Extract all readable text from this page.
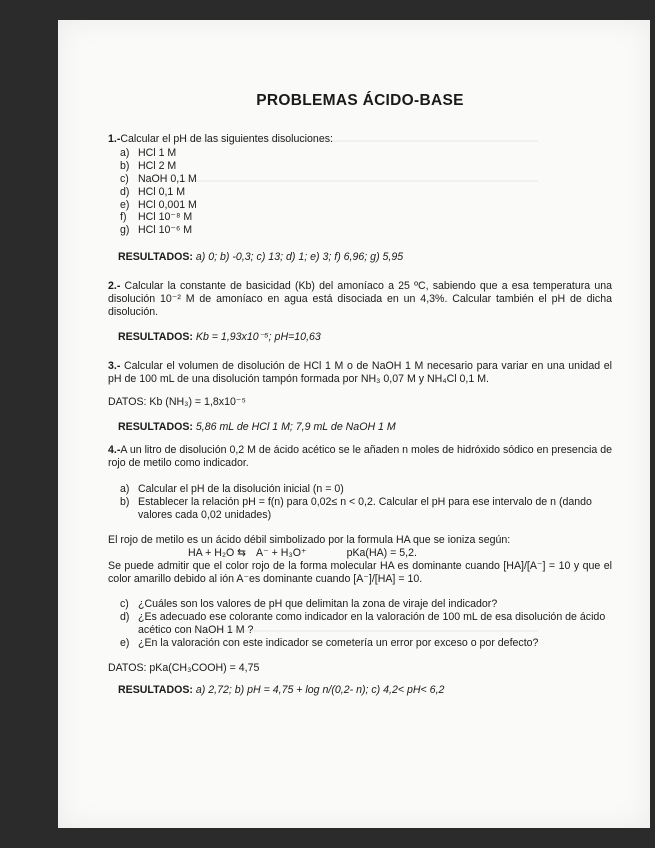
PROBLEMAS ÁCIDO-BASE

1.-Calcular el pH de las siguientes disoluciones:

a) HCl 1 M
b) HCl 2 M
c) NaOH 0,1 M
d) HCl 0,1 M
e) HCl 0,001 M
f)	HCl 10⁻⁸ M
g) HCl 10⁻⁶ M

RESULTADOS: a) 0; b) -0,3; c) 13; d) 1; e) 3; f) 6,96; g) 5,95

2.- Calcular la constante de basicidad (Kb) del amoníaco a 25 ºC, sabiendo que a esa temperatura una disolución 10⁻² M de amoníaco en agua está disociada en un 4,3%. Calcular también el pH de dicha disolución.

RESULTADOS: Kb = 1,93x10⁻⁵; pH=10,63

3.- Calcular el volumen de disolución de HCl 1 M o de NaOH 1 M necesario para variar en una unidad el pH de 100 mL de una disolución tampón formada por NH₃ 0,07 M y NH₄Cl 0,1 M.

DATOS: Kb (NH₃) = 1,8x10⁻⁵

RESULTADOS: 5,86 mL de HCl 1 M; 7,9 mL de NaOH 1 M

4.-A un litro de disolución 0,2 M de ácido acético se le añaden n moles de hidróxido sódico en presencia de rojo de metilo como indicador.

a) Calcular el pH de la disolución inicial (n = 0)
b) Establecer la relación pH = f(n) para 0,02≤ n < 0,2. Calcular el pH para ese intervalo de n (dando valores cada 0,02 unidades)

El rojo de metilo es un ácido débil simbolizado por la formula HA que se ioniza según:

HA + H₂O ⇆ A⁻ + H₃O⁺	pKa(HA) = 5,2.

Se puede admitir que el color rojo de la forma molecular HA es dominante cuando [HA]/[A⁻] = 10 y que el color amarillo debido al ión A⁻es dominante cuando [A⁻]/[HA] = 10.

c) ¿Cuáles son los valores de pH que delimitan la zona de viraje del indicador?
d) ¿Es adecuado ese colorante como indicador en la valoración de 100 mL de esa disolución de ácido acético con NaOH 1 M ?
e) ¿En la valoración con este indicador se cometería un error por exceso o por defecto?

DATOS: pKa(CH₃COOH) = 4,75

RESULTADOS: a) 2,72; b) pH = 4,75 + log n/(0,2- n); c) 4,2< pH< 6,2
